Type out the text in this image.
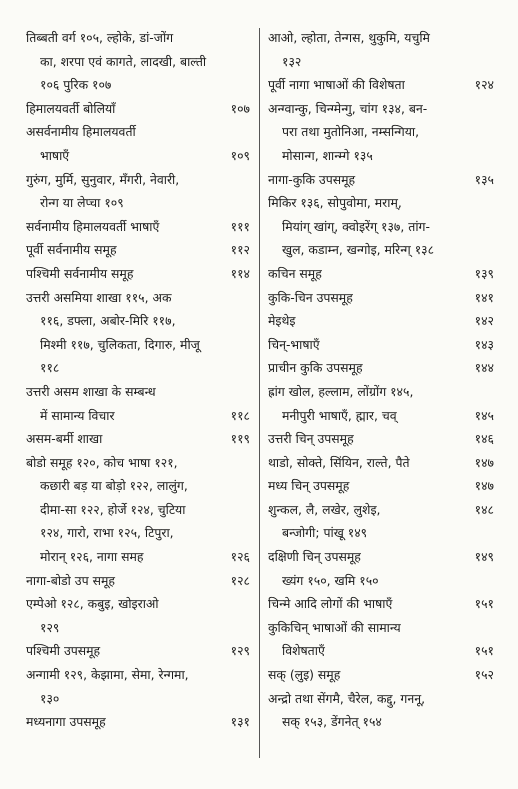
तिब्बती वर्ग १०५, ल्होके, डां-जोंग
का, शरपा एवं कागते, लादखी, बाल्ती
१०६ पुरिक १०७
हिमालयवर्ती बोलियाँ	१०७
असर्वनामीय हिमालयवर्ती
भाषाएँ	१०९
गुरुंग, मुर्मि, सुनुवार, मँगरी, नेवारी,
रोन्ग या लेप्चा १०९
सर्वनामीय हिमालयवर्ती भाषाएँ	१११
पूर्वी सर्वनामीय समूह	११२
पश्चिमी सर्वनामीय समूह	११४
उत्तरी असमिया शाखा ११५, अक
११६, डफ्ला, अबोर-मिरि ११७,
मिश्मी ११७, चुलिकता, दिगारु, मीजू
११८
उत्तरी असम शाखा के सम्बन्ध
में सामान्य विचार	११८
असम-बर्मी शाखा	११९
बोडो समूह १२०, कोच भाषा १२१,
कछारी बड़ या बोड़ो १२२, लालुंग,
दीमा-सा १२२, होर्जे १२४, चुटिया
१२४, गारो, राभा १२५, टिपुरा,
मोरान् १२६, नागा समह	१२६
नागा-बोडो उप समूह	१२८
एम्पेओ १२८, कबुइ, खोइराओ
१२९
पश्चिमी उपसमूह	१२९
अन्गामी १२९, केझामा, सेमा, रेन्गमा,
१३०
मध्यनागा उपसमूह	१३१
आओ, ल्होता, तेन्गस, थुकुमि, यचुमि
१३२
पूर्वी नागा भाषाओं की विशेषता	१२४
अन्ग्वान्कु, चिन्ग्मेन्गु, चांग १३४, बन-
परा तथा मुतोनिआ, नम्सन्गिया,
मोसान्ग, शान्म्गे १३५
नागा-कुकि उपसमूह	१३५
मिकिर १३६, सोपुवोमा, मराम्,
मियांग् खांग्, क्वोइरेंग् १३७, तांग-
खुल, कडाम्न, खन्गोइ, मरिन्ग् १३८
कचिन समूह	१३९
कुकि-चिन उपसमूह	१४१
मेइथेइ	१४२
चिन्-भाषाएँ	१४३
प्राचीन कुकि उपसमूह	१४४
ह्रांग खोल, हल्लाम, लोंग्रोंग १४५,
मनीपुरी भाषाएँ, ह्मार, चव्	१४५
उत्तरी चिन् उपसमूह	१४६
थाडो, सोक्ते, सिंयिन, राल्ते, पैते	१४७
मध्य चिन् उपसमूह	१४७
शुन्कल, लै, लखेर, लुशेइ,	१४८
बन्जोगी; पांखू १४९
दक्षिणी चिन् उपसमूह	१४९
ख्यंग १५०, खमि १५०
चिन्मे आदि लोगों की भाषाएँ	१५१
कुकिचिन् भाषाओं की सामान्य
विशेषताएँ	१५१
सक् (लुइ) समूह	१५२
अन्द्रो तथा सेंगमै, चैरेल, कद्दु, गननू,
सक् १५३, डेंगनेत् १५४
